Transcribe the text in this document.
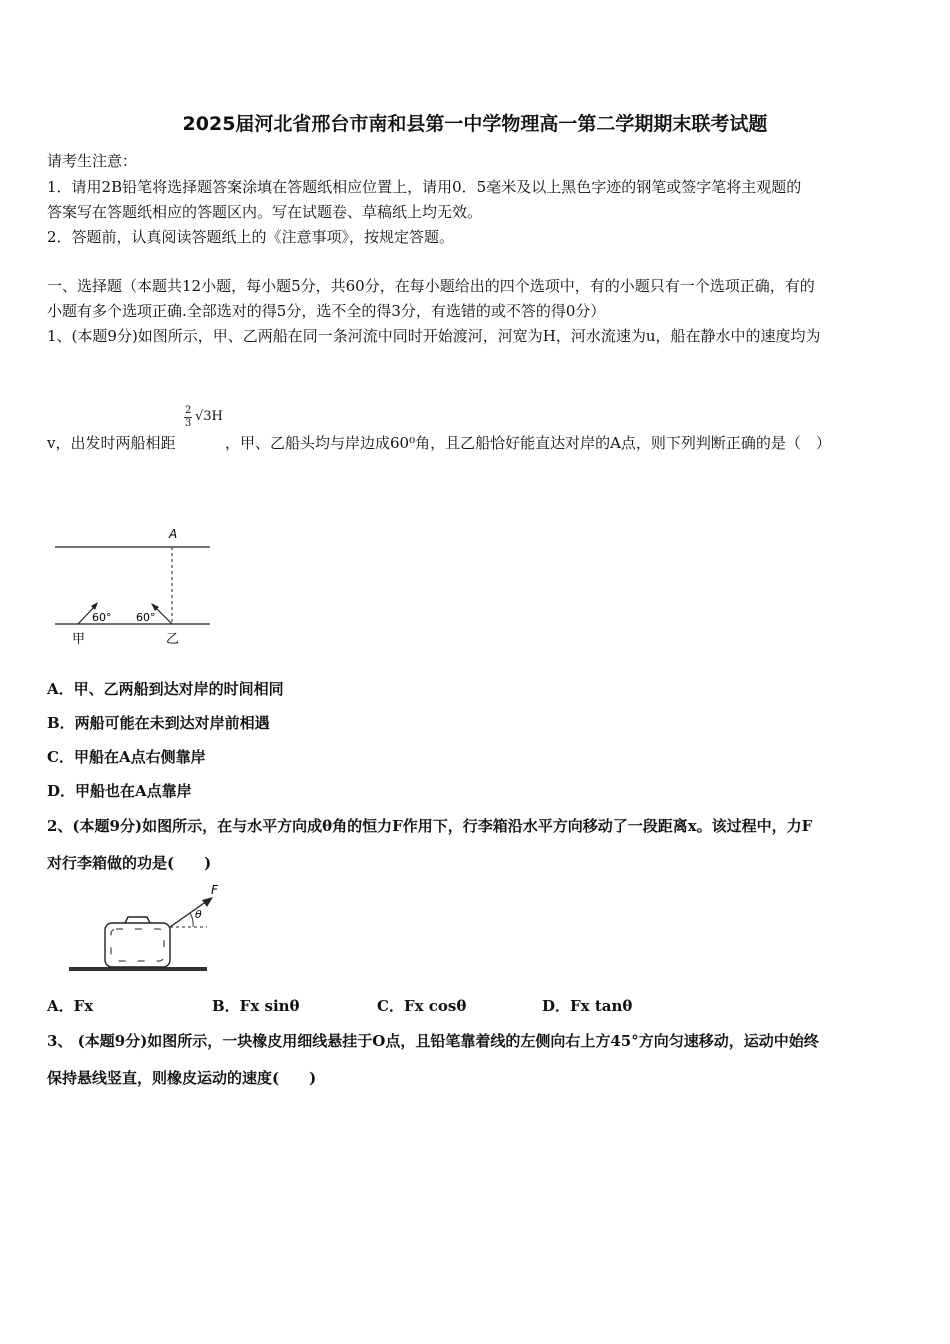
2025届河北省邢台市南和县第一中学物理高一第二学期期末联考试题
请考生注意：
1．请用2B铅笔将选择题答案涂填在答题纸相应位置上，请用0．5毫米及以上黑色字迹的钢笔或签字笔将主观题的
答案写在答题纸相应的答题区内。写在试题卷、草稿纸上均无效。
2．答题前，认真阅读答题纸上的《注意事项》，按规定答题。
一、选择题（本题共12小题，每小题5分，共60分，在每小题给出的四个选项中，有的小题只有一个选项正确，有的
小题有多个选项正确.全部选对的得5分，选不全的得3分，有选错的或不答的得0分）
1、(本题9分)如图所示，甲、乙两船在同一条河流中同时开始渡河，河宽为H，河水流速为u，船在静水中的速度均为
2
3 √3H
v，出发时两船相距	，甲、乙船头均与岸边成60⁰角，且乙船恰好能直达对岸的A点，则下列判断正确的是（　）
A
60° 60°
甲	乙
A．甲、乙两船到达对岸的时间相同
B．两船可能在未到达对岸前相遇
C．甲船在A点右侧靠岸
D．甲船也在A点靠岸
2、(本题9分)如图所示，在与水平方向成θ角的恒力F作用下，行李箱沿水平方向移动了一段距离x。该过程中，力F
对行李箱做的功是(　　)
F
θ
A．Fx	B．Fx sinθ	C．Fx cosθ	D．Fx tanθ
3、 (本题9分)如图所示，一块橡皮用细线悬挂于O点，且铅笔靠着线的左侧向右上方45°方向匀速移动，运动中始终
保持悬线竖直，则橡皮运动的速度(　　)
